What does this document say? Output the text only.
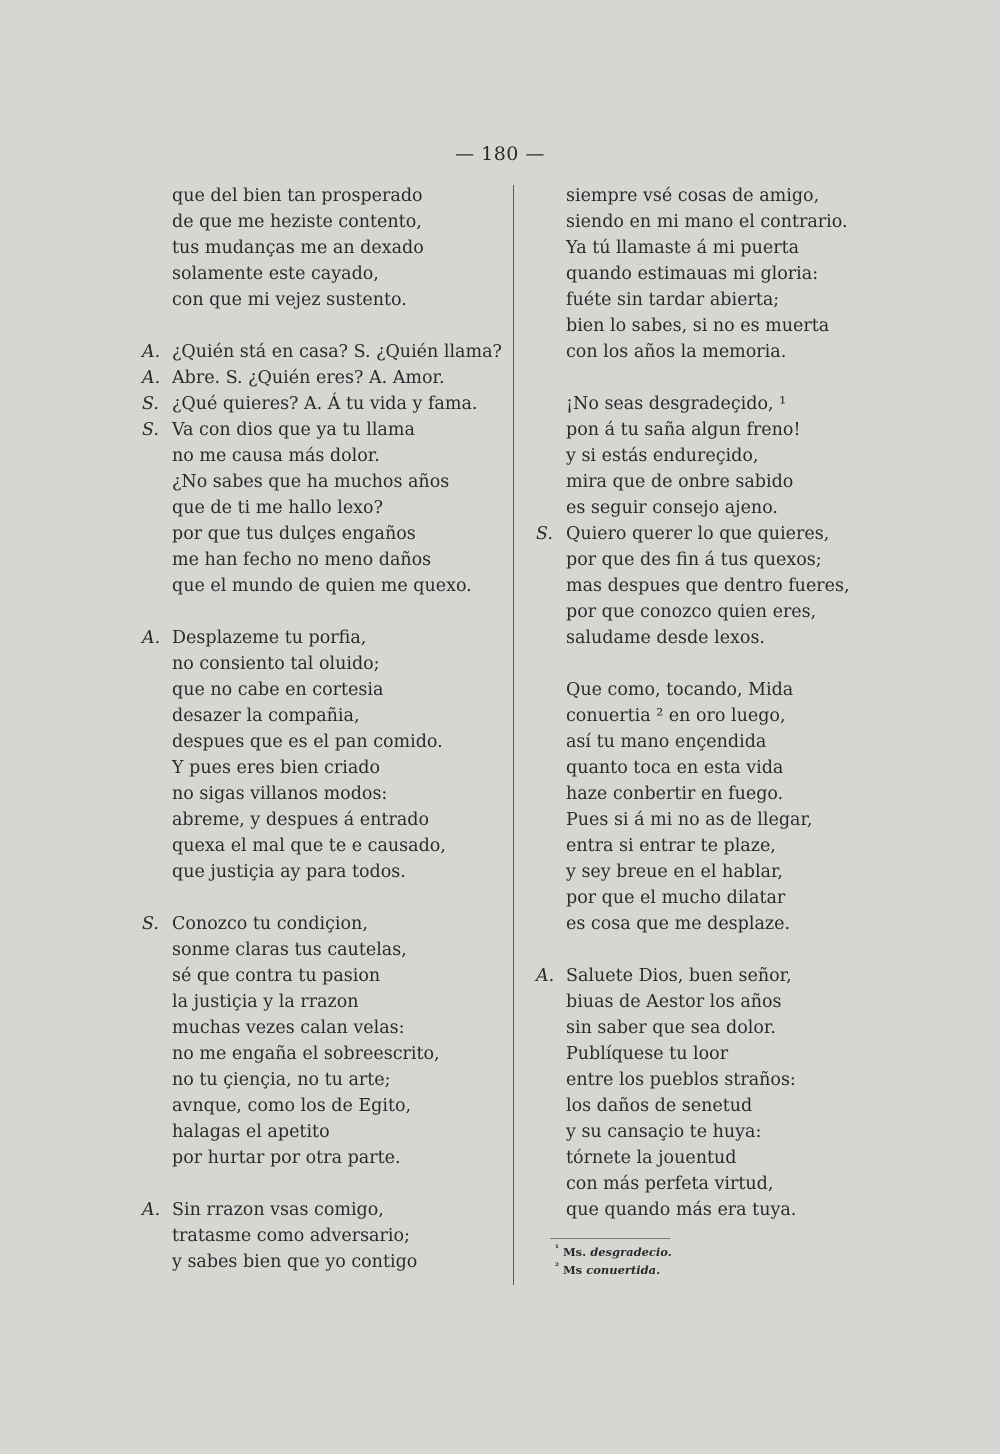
— 180 —
que del bien tan prosperado
de que me heziste contento,
tus mudanças me an dexado
solamente este cayado,
con que mi vejez sustento.
A. ¿Quién stá en casa? S. ¿Quién llama?
A. Abre. S. ¿Quién eres? A. Amor.
S. ¿Qué quieres? A. Á tu vida y fama.
S. Va con dios que ya tu llama
no me causa más dolor.
¿No sabes que ha muchos años
que de ti me hallo lexo?
por que tus dulçes engaños
me han fecho no meno daños
que el mundo de quien me quexo.
A. Desplazeme tu porfia,
no consiento tal oluido;
que no cabe en cortesia
desazer la compañia,
despues que es el pan comido.
Y pues eres bien criado
no sigas villanos modos:
abreme, y despues á entrado
quexa el mal que te e causado,
que justiçia ay para todos.
S. Conozco tu condiçion,
sonme claras tus cautelas,
sé que contra tu pasion
la justiçia y la rrazon
muchas vezes calan velas:
no me engaña el sobreescrito,
no tu çiençia, no tu arte;
avnque, como los de Egito,
halagas el apetito
por hurtar por otra parte.
A. Sin rrazon vsas comigo,
tratasme como adversario;
y sabes bien que yo contigo
siempre vsé cosas de amigo,
siendo en mi mano el contrario.
Ya tú llamaste á mi puerta
quando estimauas mi gloria:
fuéte sin tardar abierta;
bien lo sabes, si no es muerta
con los años la memoria.
¡No seas desgradeçido, ¹
pon á tu saña algun freno!
y si estás endureçido,
mira que de onbre sabido
es seguir consejo ajeno.
S. Quiero querer lo que quieres,
por que des fin á tus quexos;
mas despues que dentro fueres,
por que conozco quien eres,
saludame desde lexos.
Que como, tocando, Mida
conuertia ² en oro luego,
así tu mano ençendida
quanto toca en esta vida
haze conbertir en fuego.
Pues si á mi no as de llegar,
entra si entrar te plaze,
y sey breue en el hablar,
por que el mucho dilatar
es cosa que me desplaze.
A. Saluete Dios, buen señor,
biuas de Aestor los años
sin saber que sea dolor.
Publíquese tu loor
entre los pueblos straños:
los daños de senetud
y su cansaçio te huya:
tórnete la jouentud
con más perfeta virtud,
que quando más era tuya.
$^{^1}$ Ms. desgradecio.
$^{^2}$ Ms conuertida.
